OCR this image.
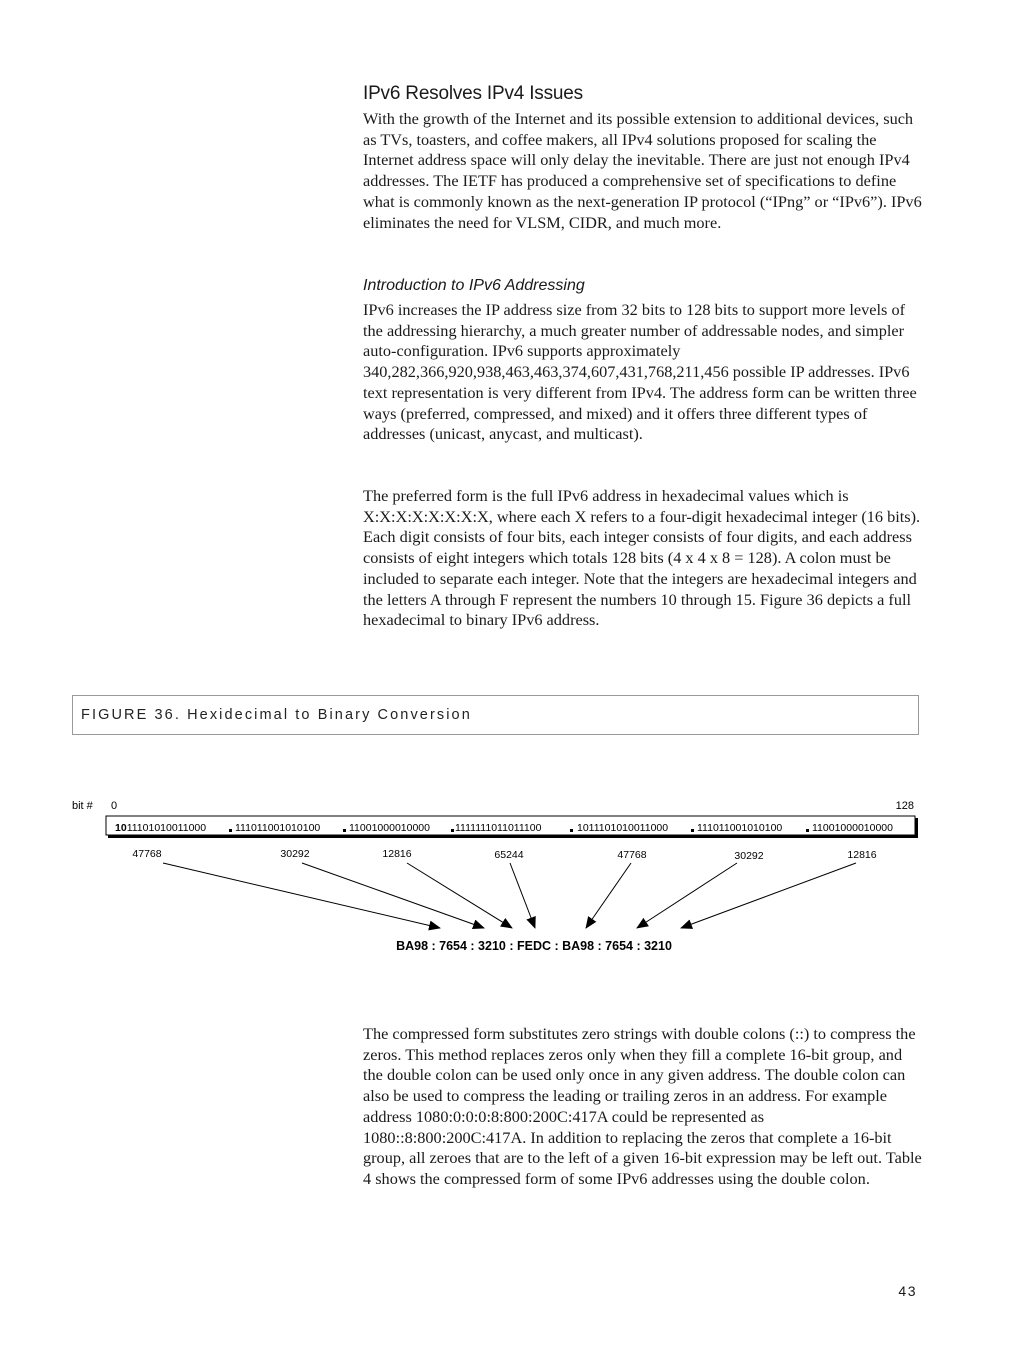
IPv6 Resolves IPv4 Issues

With the growth of the Internet and its possible extension to additional devices, such as TVs, toasters, and coffee makers, all IPv4 solutions proposed for scaling the Internet address space will only delay the inevitable. There are just not enough IPv4 addresses. The IETF has produced a comprehensive set of specifications to define what is commonly known as the next-generation IP protocol (“IPng” or “IPv6”). IPv6 eliminates the need for VLSM, CIDR, and much more.

Introduction to IPv6 Addressing

IPv6 increases the IP address size from 32 bits to 128 bits to support more levels of the addressing hierarchy, a much greater number of addressable nodes, and simpler auto-configuration. IPv6 supports approximately 340,282,366,920,938,463,463,374,607,431,768,211,456 possible IP addresses. IPv6 text representation is very different from IPv4. The address form can be written three ways (preferred, compressed, and mixed) and it offers three different types of addresses (unicast, anycast, and multicast).

The preferred form is the full IPv6 address in hexadecimal values which is X:X:X:X:X:X:X:X, where each X refers to a four-digit hexadecimal integer (16 bits). Each digit consists of four bits, each integer consists of four digits, and each address consists of eight integers which totals 128 bits (4 x 4 x 8 = 128). A colon must be included to separate each integer. Note that the integers are hexadecimal integers and the letters A through F represent the numbers 10 through 15. Figure 36 depicts a full hexadecimal to binary IPv6 address.

FIGURE 36. Hexidecimal to Binary Conversion
bit # 0	128
1011101010011000	111011001010100	11001000010000 1111111011011100	1011101010011000	111011001010100	11001000010000
47768	30292	12816	65244	47768	30292	12816
BA98 : 7654 : 3210 : FEDC : BA98 : 7654 : 3210

The compressed form substitutes zero strings with double colons (::) to compress the zeros. This method replaces zeros only when they fill a complete 16-bit group, and the double colon can be used only once in any given address. The double colon can also be used to compress the leading or trailing zeros in an address. For example address 1080:0:0:0:8:800:200C:417A could be represented as 1080::8:800:200C:417A. In addition to replacing the zeros that complete a 16-bit group, all zeroes that are to the left of a given 16-bit expression may be left out. Table 4 shows the compressed form of some IPv6 addresses using the double colon.

43
